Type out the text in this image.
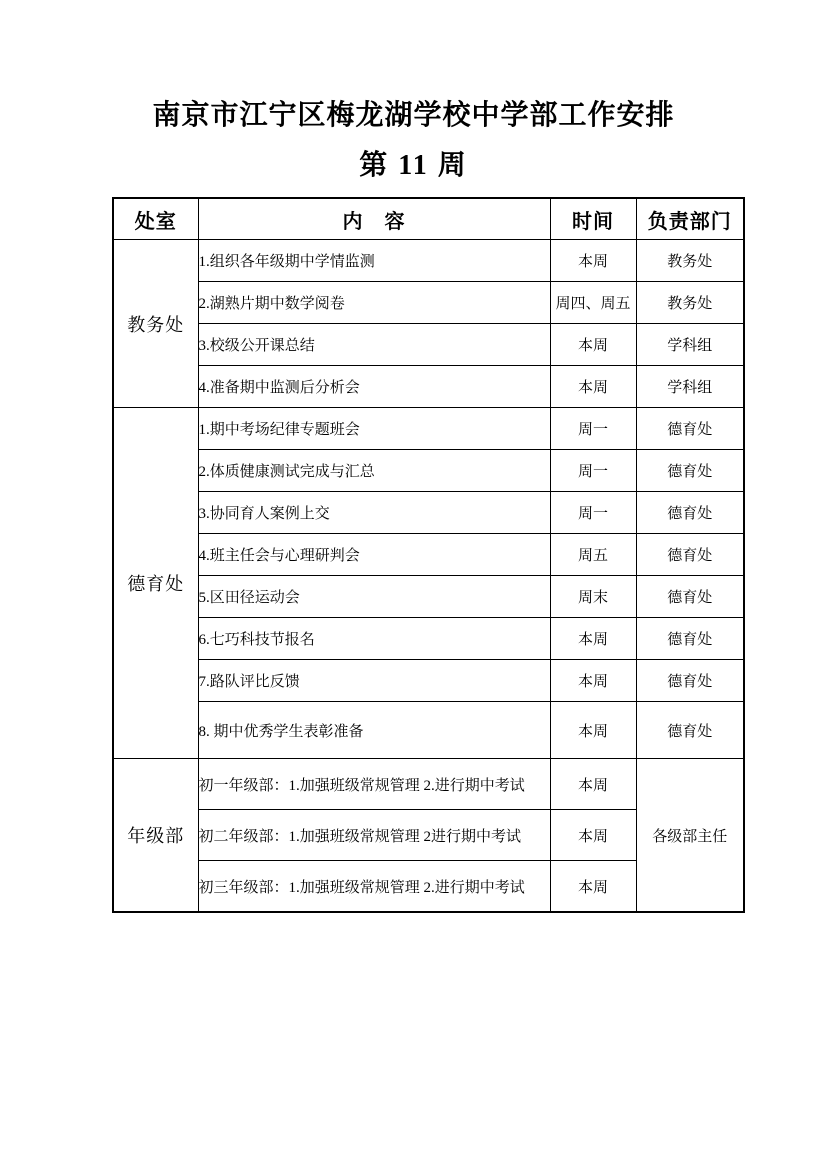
南京市江宁区梅龙湖学校中学部工作安排
第 11 周
处室	内　容	时间	负责部门
教务处	1.组织各年级期中学情监测	本周	教务处
	2.湖熟片期中数学阅卷	周四、周五	教务处
	3.校级公开课总结	本周	学科组
	4.准备期中监测后分析会	本周	学科组
德育处	1.期中考场纪律专题班会	周一	德育处
	2.体质健康测试完成与汇总	周一	德育处
	3.协同育人案例上交	周一	德育处
	4.班主任会与心理研判会	周五	德育处
	5.区田径运动会	周末	德育处
	6.七巧科技节报名	本周	德育处
	7.路队评比反馈	本周	德育处
	8. 期中优秀学生表彰准备	本周	德育处
年级部	初一年级部：1.加强班级常规管理 2.进行期中考试	本周	各级部主任
	初二年级部：1.加强班级常规管理 2进行期中考试	本周	
	初三年级部：1.加强班级常规管理 2.进行期中考试	本周	
